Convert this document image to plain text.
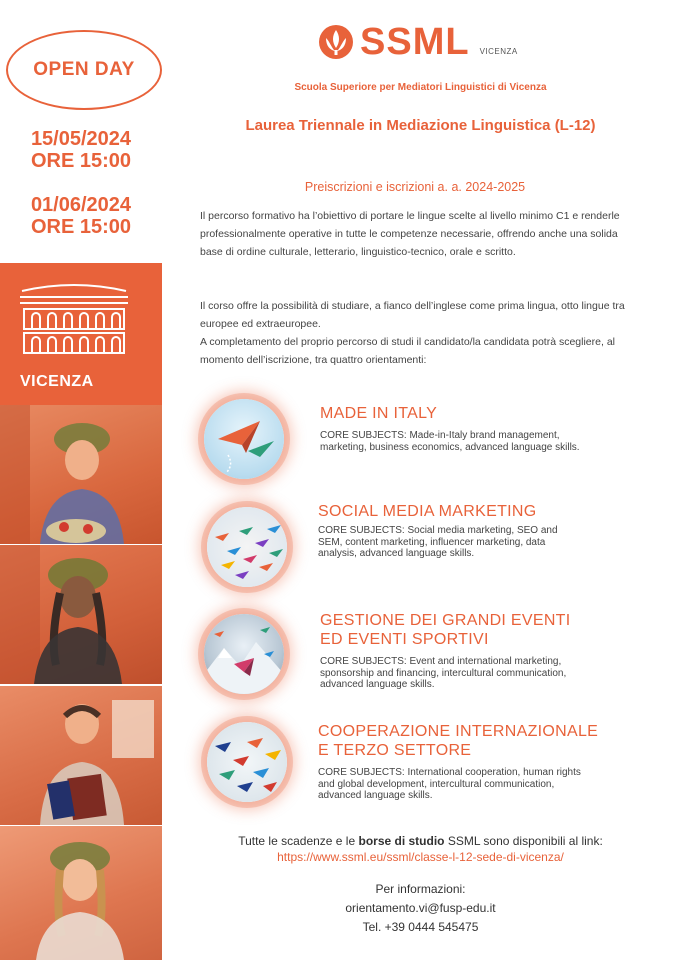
OPEN DAY
15/05/2024
ORE 15:00
01/06/2024
ORE 15:00
VICENZA
SSML VICENZA
Scuola Superiore per Mediatori Linguistici di Vicenza
Laurea Triennale in Mediazione Linguistica (L-12)
Preiscrizioni e iscrizioni a. a. 2024-2025
Il percorso formativo ha l’obiettivo di portare le lingue scelte al livello minimo C1 e renderle professionalmente operative in tutte le competenze necessarie, offrendo anche una solida base di ordine culturale, letterario, linguistico-tecnico, orale e scritto.
Il corso offre la possibilità di studiare, a fianco dell’inglese come prima lingua, otto lingue tra europee ed extraeuropee.
A completamento del proprio percorso di studi il candidato/la candidata potrà scegliere, al momento dell’iscrizione, tra quattro orientamenti:
MADE IN ITALY
CORE SUBJECTS: Made-in-Italy brand management, marketing, business economics, advanced language skills.
SOCIAL MEDIA MARKETING
CORE SUBJECTS: Social media marketing, SEO and SEM, content marketing, influencer marketing, data analysis, advanced language skills.
GESTIONE DEI GRANDI EVENTI
ED EVENTI SPORTIVI
CORE SUBJECTS: Event and international marketing, sponsorship and financing, intercultural communication, advanced language skills.
COOPERAZIONE INTERNAZIONALE
E TERZO SETTORE
CORE SUBJECTS: International cooperation, human rights and global development, intercultural communication, advanced language skills.
Tutte le scadenze e le borse di studio SSML sono disponibili al link:
https://www.ssml.eu/ssml/classe-l-12-sede-di-vicenza/
Per informazioni:
orientamento.vi@fusp-edu.it
Tel. +39 0444 545475
